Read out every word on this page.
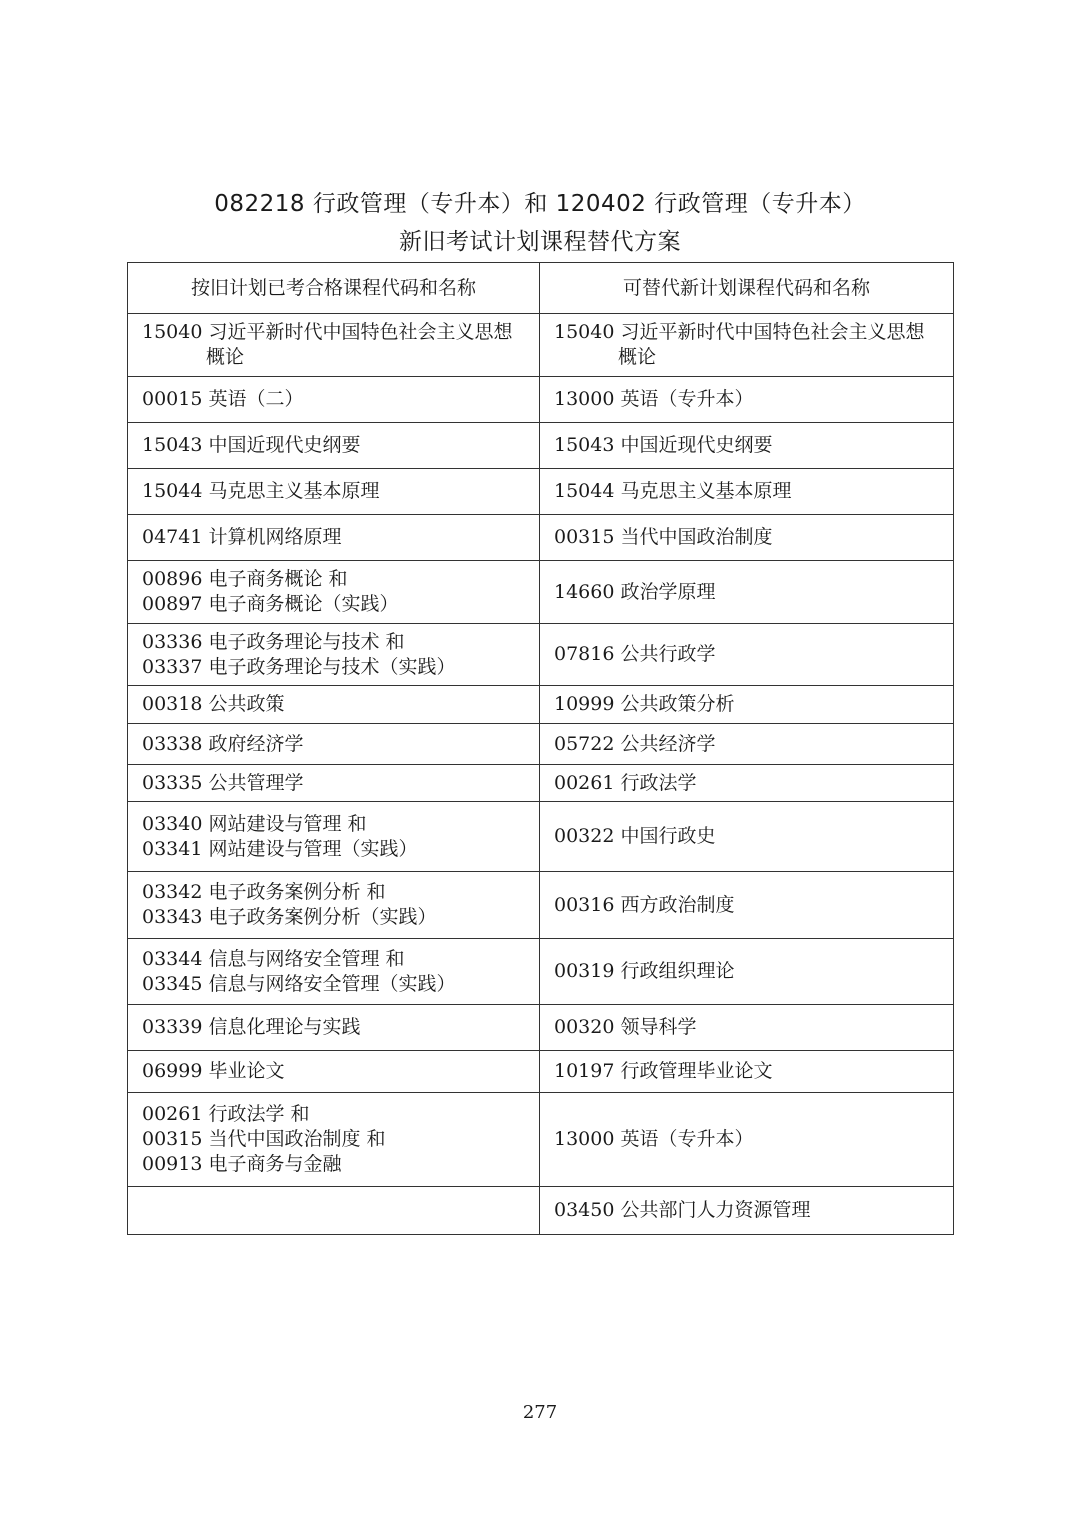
082218 行政管理（专升本）和 120402 行政管理（专升本）
新旧考试计划课程替代方案
按旧计划已考合格课程代码和名称	可替代新计划课程代码和名称

15040 习近平新时代中国特色社会主义思想概论	15040 习近平新时代中国特色社会主义思想概论

00015 英语（二）	13000 英语（专升本）

15043 中国近现代史纲要	15043 中国近现代史纲要

15044 马克思主义基本原理	15044 马克思主义基本原理

04741 计算机网络原理	00315 当代中国政治制度

00896 电子商务概论 和
00897 电子商务概论（实践）	14660 政治学原理

03336 电子政务理论与技术 和
03337 电子政务理论与技术（实践）	07816 公共行政学

00318 公共政策	10999 公共政策分析

03338 政府经济学	05722 公共经济学

03335 公共管理学	00261 行政法学

03340 网站建设与管理 和
03341 网站建设与管理（实践）	00322 中国行政史

03342 电子政务案例分析 和
03343 电子政务案例分析（实践）	00316 西方政治制度

03344 信息与网络安全管理 和
03345 信息与网络安全管理（实践）	00319 行政组织理论

03339 信息化理论与实践	00320 领导科学

06999 毕业论文	10197 行政管理毕业论文

00261 行政法学 和
00315 当代中国政治制度 和
00913 电子商务与金融	13000 英语（专升本）

	03450 公共部门人力资源管理
277
